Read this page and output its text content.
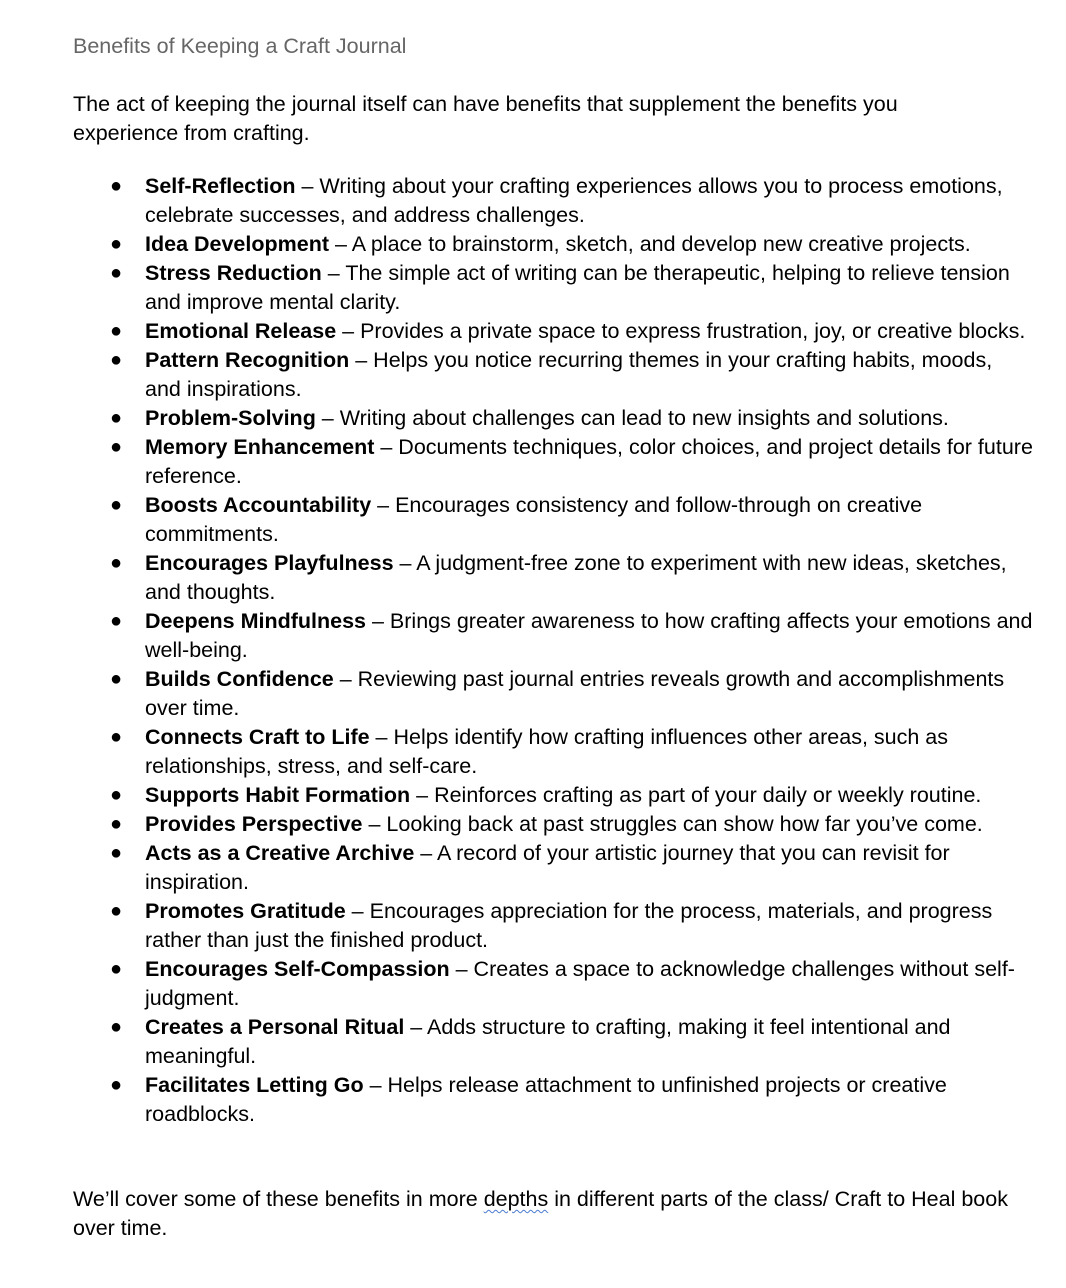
Benefits of Keeping a Craft Journal

The act of keeping the journal itself can have benefits that supplement the benefits you experience from crafting.

● Self-Reflection – Writing about your crafting experiences allows you to process emotions, celebrate successes, and address challenges.
● Idea Development – A place to brainstorm, sketch, and develop new creative projects.
● Stress Reduction – The simple act of writing can be therapeutic, helping to relieve tension and improve mental clarity.
● Emotional Release – Provides a private space to express frustration, joy, or creative blocks.
● Pattern Recognition – Helps you notice recurring themes in your crafting habits, moods, and inspirations.
● Problem-Solving – Writing about challenges can lead to new insights and solutions.
● Memory Enhancement – Documents techniques, color choices, and project details for future reference.
● Boosts Accountability – Encourages consistency and follow-through on creative commitments.
● Encourages Playfulness – A judgment-free zone to experiment with new ideas, sketches, and thoughts.
● Deepens Mindfulness – Brings greater awareness to how crafting affects your emotions and well-being.
● Builds Confidence – Reviewing past journal entries reveals growth and accomplishments over time.
● Connects Craft to Life – Helps identify how crafting influences other areas, such as relationships, stress, and self-care.
● Supports Habit Formation – Reinforces crafting as part of your daily or weekly routine.
● Provides Perspective – Looking back at past struggles can show how far you’ve come.
● Acts as a Creative Archive – A record of your artistic journey that you can revisit for inspiration.
● Promotes Gratitude – Encourages appreciation for the process, materials, and progress rather than just the finished product.
● Encourages Self-Compassion – Creates a space to acknowledge challenges without self-judgment.
● Creates a Personal Ritual – Adds structure to crafting, making it feel intentional and meaningful.
● Facilitates Letting Go – Helps release attachment to unfinished projects or creative roadblocks.

We’ll cover some of these benefits in more depths in different parts of the class/ Craft to Heal book over time.
